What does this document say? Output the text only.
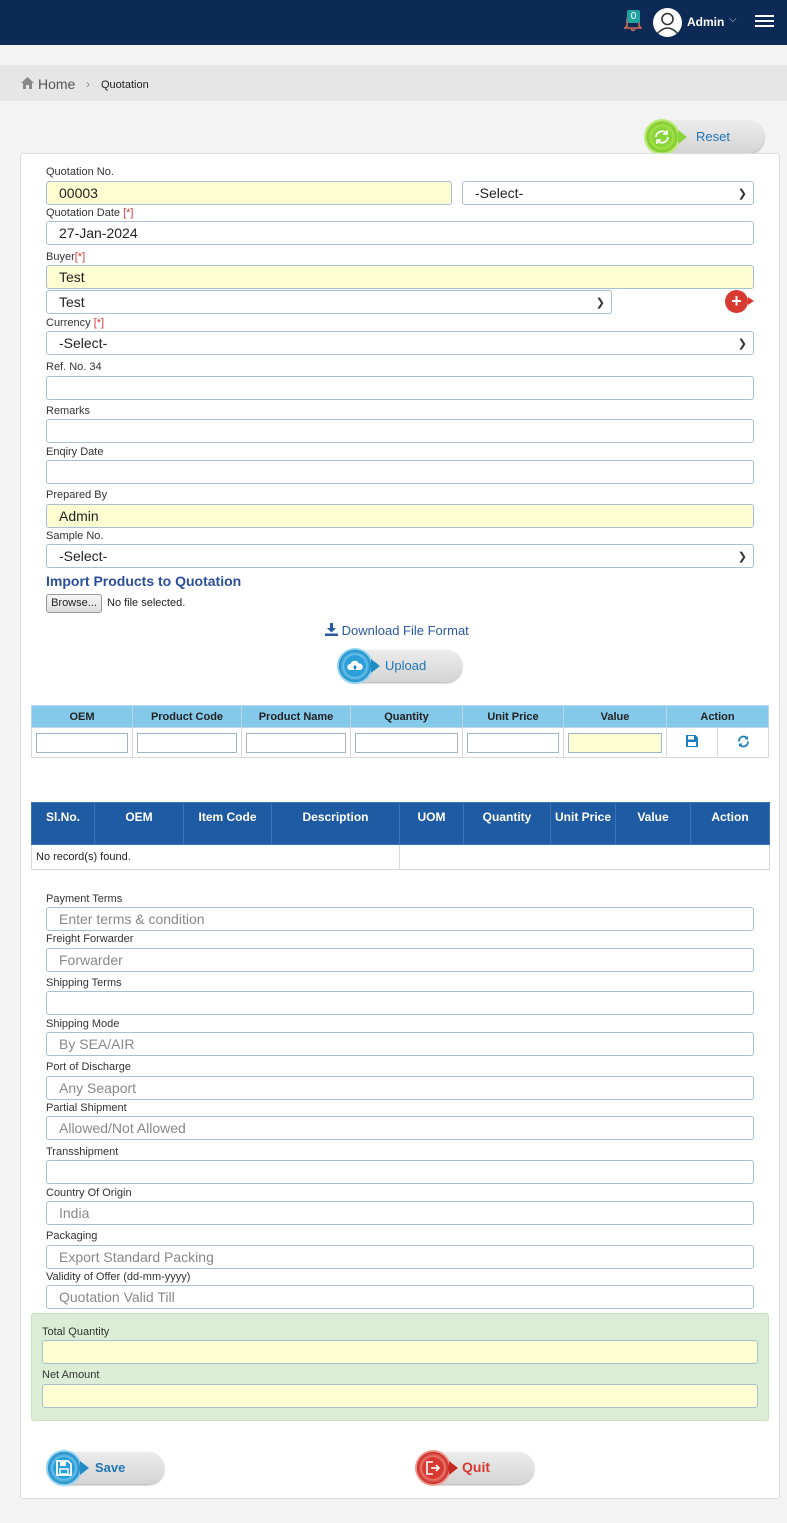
0	Admin ⌵
Home › Quotation
Reset
Quotation No.
00003	-Select-	❯
Quotation Date [*]
27-Jan-2024
Buyer[*]
Test
Test	❯	+
Currency [*]
-Select-	❯
Ref. No. 34
Remarks
Enqiry Date
Prepared By
Admin
Sample No.
-Select-	❯
Import Products to Quotation
Browse... No file selected.
Download File Format
Upload
OEM	Product Code	Product Name	Quantity	Unit Price	Value	Action	

Sl.No.	OEM	Item Code	Description	UOM	Quantity	Unit Price	Value	Action
No record(s) found.								
Payment Terms
Enter terms & condition
Freight Forwarder
Forwarder
Shipping Terms
Shipping Mode
By SEA/AIR
Port of Discharge
Any Seaport
Partial Shipment
Allowed/Not Allowed
Transshipment
Country Of Origin
India
Packaging
Export Standard Packing
Validity of Offer (dd-mm-yyyy)
Quotation Valid Till
Total Quantity
Net Amount
Save	Quit
